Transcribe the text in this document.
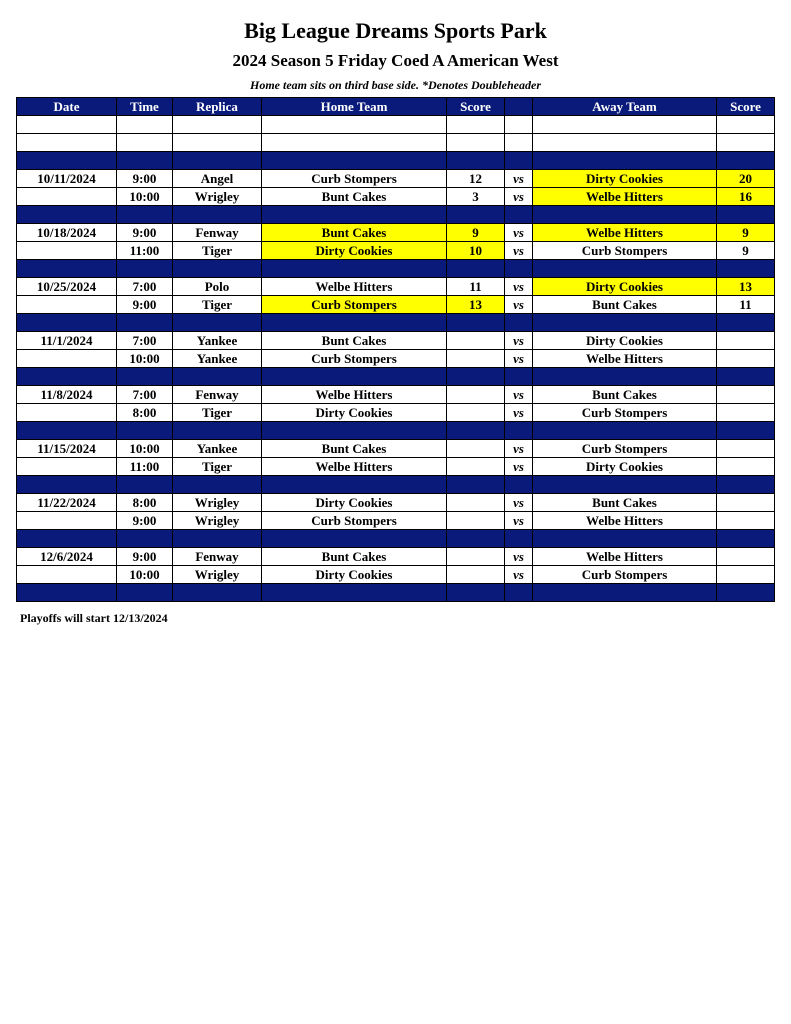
Big League Dreams Sports Park
2024 Season 5 Friday Coed A American West
Home team sits on third base side. *Denotes Doubleheader
Date	Time	Replica	Home Team	Score		Away Team	Score

10/11/2024	9:00	Angel	Curb Stompers	12	vs	Dirty Cookies	20
	10:00	Wrigley	Bunt Cakes	3	vs	Welbe Hitters	16

10/18/2024	9:00	Fenway	Bunt Cakes	9	vs	Welbe Hitters	9
	11:00	Tiger	Dirty Cookies	10	vs	Curb Stompers	9

10/25/2024	7:00	Polo	Welbe Hitters	11	vs	Dirty Cookies	13
	9:00	Tiger	Curb Stompers	13	vs	Bunt Cakes	11

11/1/2024	7:00	Yankee	Bunt Cakes		vs	Dirty Cookies	
	10:00	Yankee	Curb Stompers		vs	Welbe Hitters	

11/8/2024	7:00	Fenway	Welbe Hitters		vs	Bunt Cakes	
	8:00	Tiger	Dirty Cookies		vs	Curb Stompers	

11/15/2024	10:00	Yankee	Bunt Cakes		vs	Curb Stompers	
	11:00	Tiger	Welbe Hitters		vs	Dirty Cookies	

11/22/2024	8:00	Wrigley	Dirty Cookies		vs	Bunt Cakes	
	9:00	Wrigley	Curb Stompers		vs	Welbe Hitters	

12/6/2024	9:00	Fenway	Bunt Cakes		vs	Welbe Hitters	
	10:00	Wrigley	Dirty Cookies		vs	Curb Stompers	

Playoffs will start 12/13/2024
